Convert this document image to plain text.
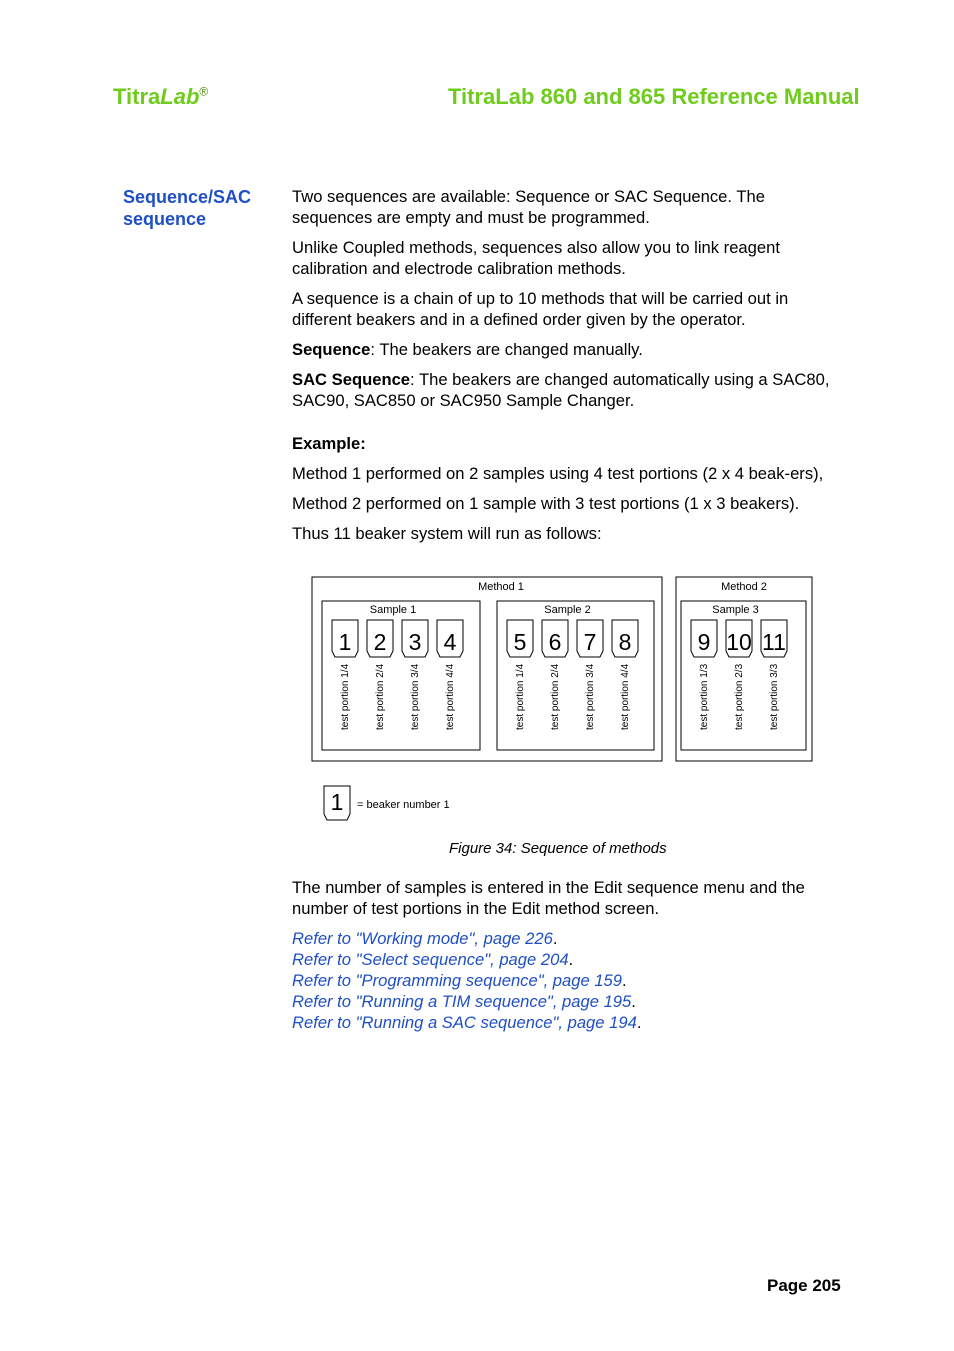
TitraLab®	TitraLab 860 and 865 Reference Manual
Sequence/SAC sequence

Two sequences are available: Sequence or SAC Sequence. The sequences are empty and must be programmed.

Unlike Coupled methods, sequences also allow you to link reagent calibration and electrode calibration methods.

A sequence is a chain of up to 10 methods that will be carried out in different beakers and in a defined order given by the operator.

Sequence: The beakers are changed manually.

SAC Sequence: The beakers are changed automatically using a SAC80, SAC90, SAC850 or SAC950 Sample Changer.

Example:

Method 1 performed on 2 samples using 4 test portions (2 x 4 beak-ers),

Method 2 performed on 1 sample with 3 test portions (1 x 3 beakers).

Thus 11 beaker system will run as follows:

Method 1
Sample 1
1
test portion 1/4
2
test portion 2/4
3
test portion 3/4
4
test portion 4/4
Sample 2
5
test portion 1/4
6
test portion 2/4
7
test portion 3/4
8
test portion 4/4
Method 2
Sample 3
9
test portion 1/3
10
test portion 2/3
11
test portion 3/3
1 = beaker number 1
Figure 34: Sequence of methods

The number of samples is entered in the Edit sequence menu and the number of test portions in the Edit method screen.

Refer to "Working mode", page 226.
Refer to "Select sequence", page 204.
Refer to "Programming sequence", page 159.
Refer to "Running a TIM sequence", page 195.
Refer to "Running a SAC sequence", page 194.

Page 205
